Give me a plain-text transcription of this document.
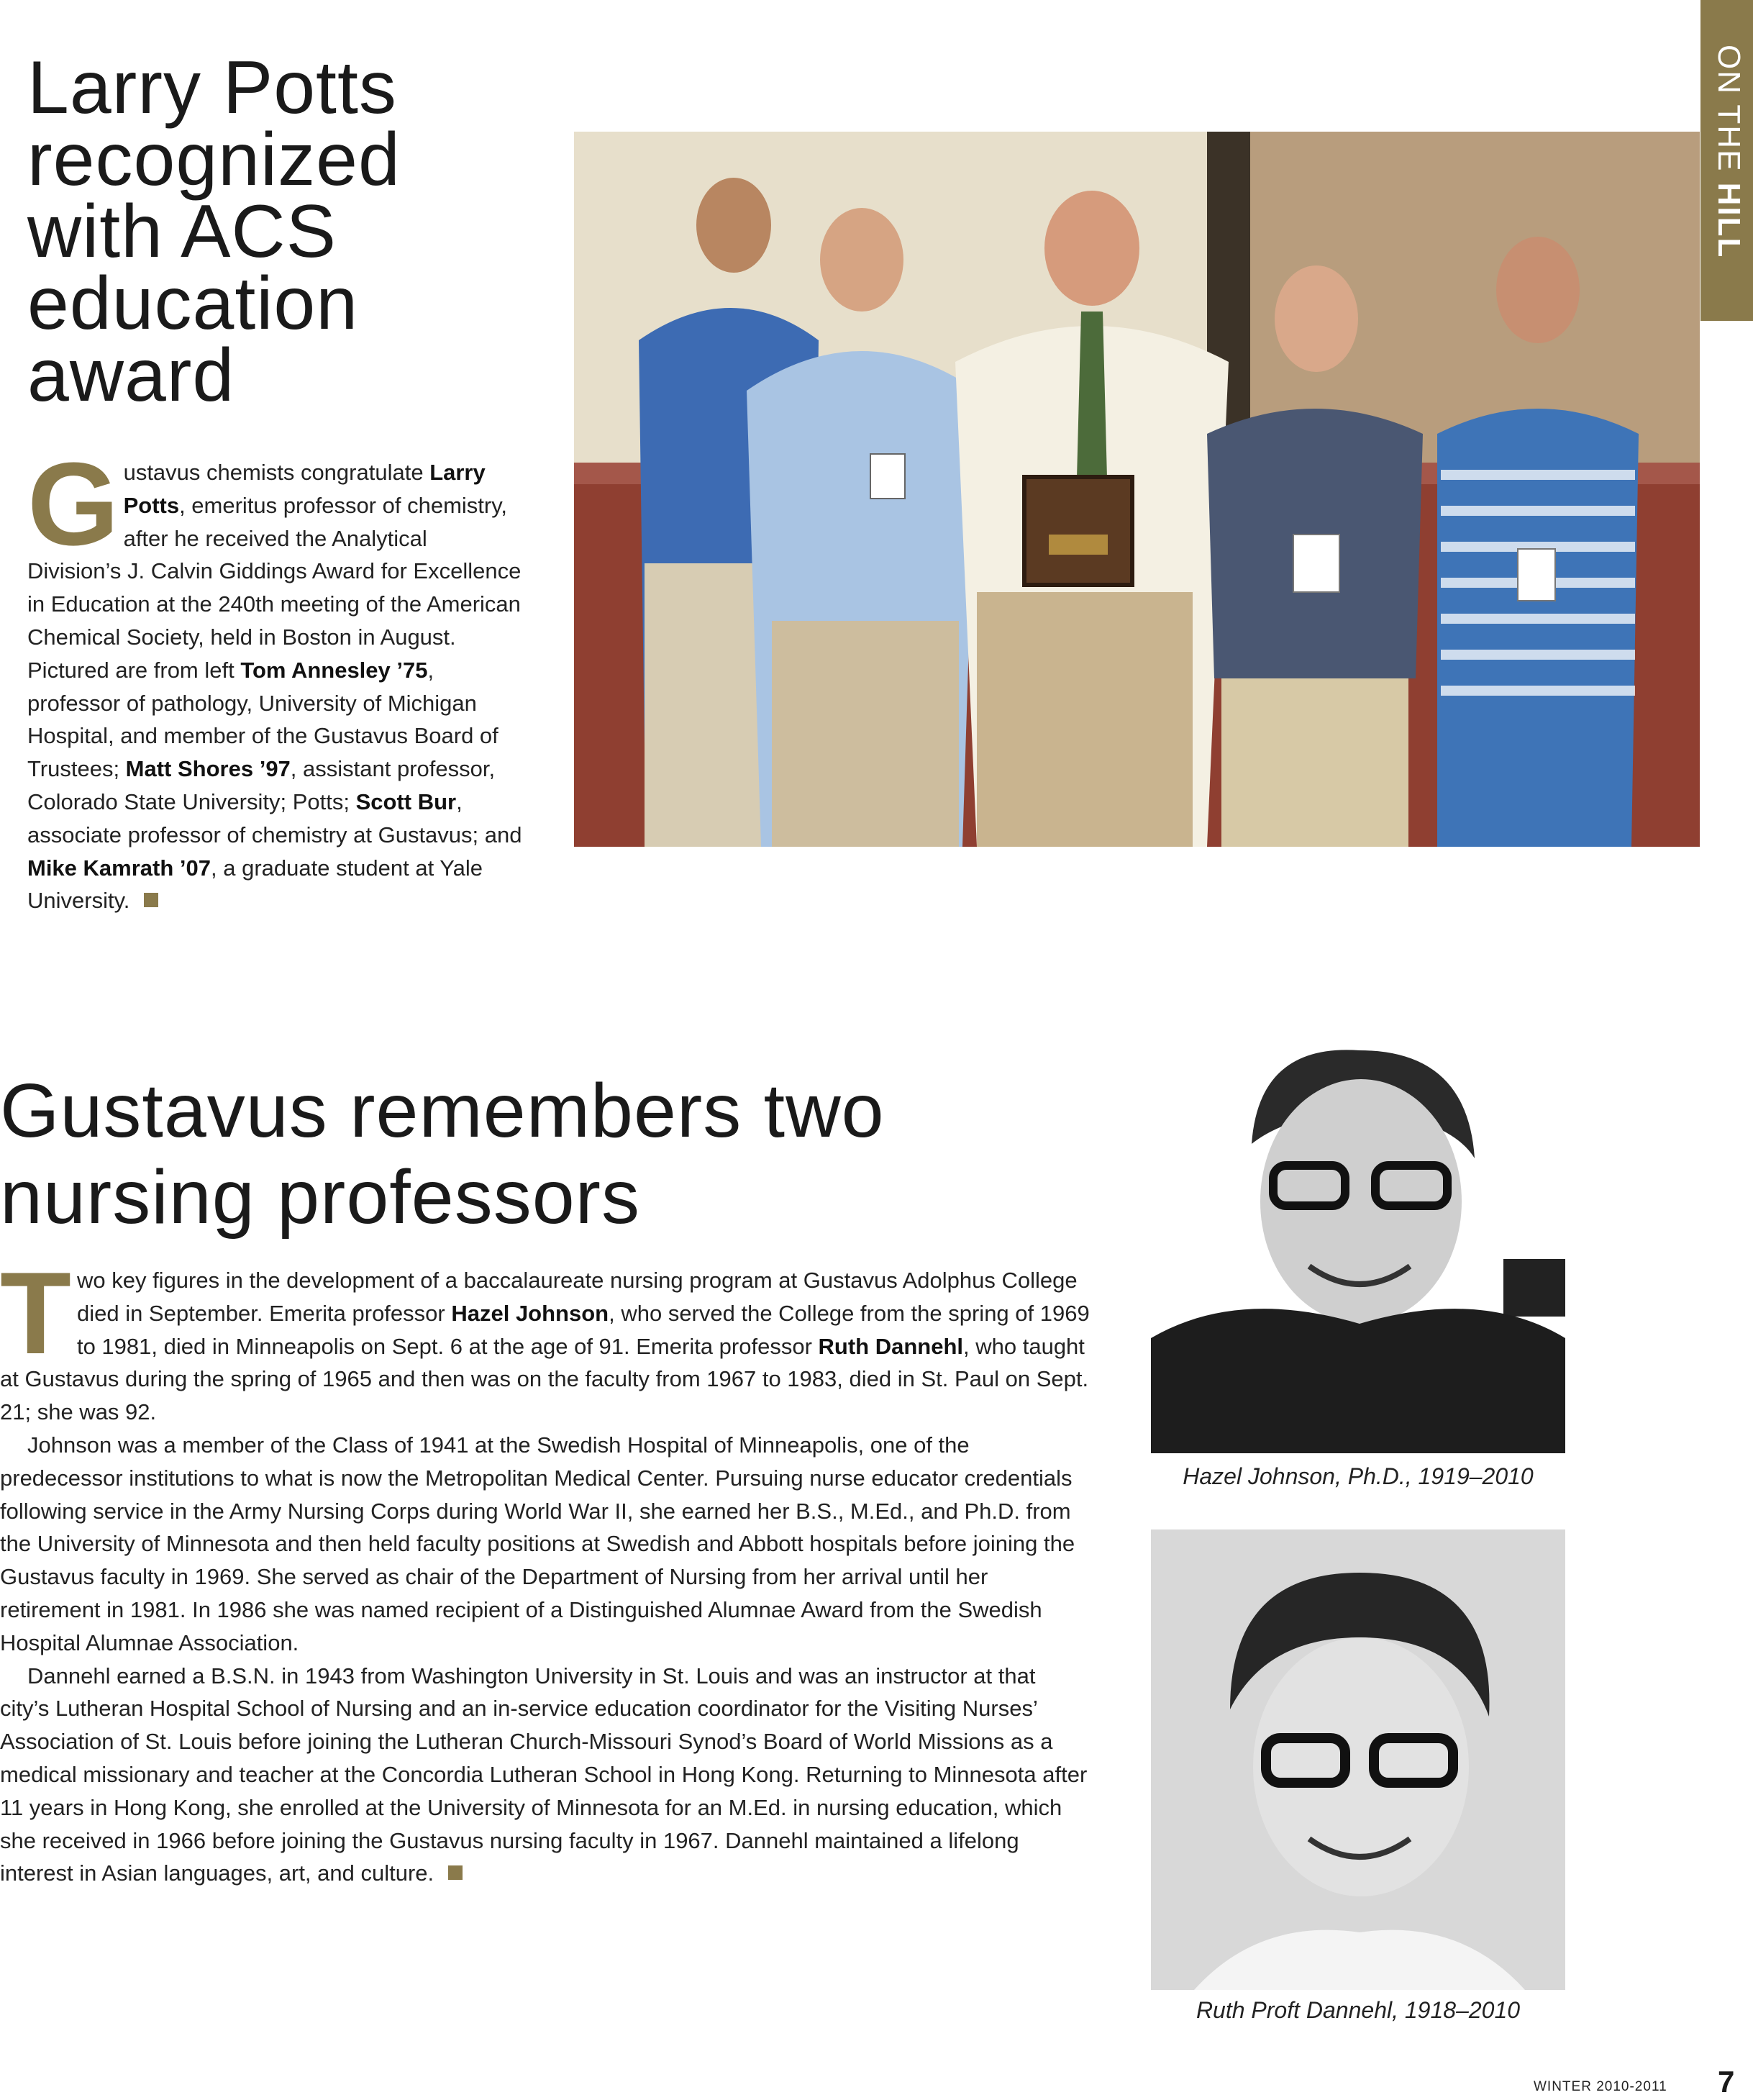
ON THE HILL
Larry Potts recognized with ACS education award
Gustavus chemists congratulate Larry Potts, emeritus professor of chemistry, after he received the Analytical Division’s J. Calvin Giddings Award for Excellence in Education at the 240th meeting of the American Chemical Society, held in Boston in August. Pictured are from left Tom Annesley ’75, professor of pathology, University of Michigan Hospital, and member of the Gustavus Board of Trustees; Matt Shores ’97, assistant professor, Colorado State University; Potts; Scott Bur, associate professor of chemistry at Gustavus; and Mike Kamrath ’07, a graduate student at Yale University.
Gustavus remembers two nursing professors
Two key figures in the development of a baccalaureate nursing program at Gustavus Adolphus College died in September. Emerita professor Hazel Johnson, who served the College from the spring of 1969 to 1981, died in Minneapolis on Sept. 6 at the age of 91. Emerita professor Ruth Dannehl, who taught at Gustavus during the spring of 1965 and then was on the faculty from 1967 to 1983, died in St. Paul on Sept. 21; she was 92.
Johnson was a member of the Class of 1941 at the Swedish Hospital of Minneapolis, one of the predecessor institutions to what is now the Metropolitan Medical Center. Pursuing nurse educator credentials following service in the Army Nursing Corps during World War II, she earned her B.S., M.Ed., and Ph.D. from the University of Minnesota and then held faculty positions at Swedish and Abbott hospitals before joining the Gustavus faculty in 1969. She served as chair of the Department of Nursing from her arrival until her retirement in 1981. In 1986 she was named recipient of a Distinguished Alumnae Award from the Swedish Hospital Alumnae Association.
Dannehl earned a B.S.N. in 1943 from Washington University in St. Louis and was an instructor at that city’s Lutheran Hospital School of Nursing and an in-service education coordinator for the Visiting Nurses’ Association of St. Louis before joining the Lutheran Church-Missouri Synod’s Board of World Missions as a medical missionary and teacher at the Concordia Lutheran School in Hong Kong. Returning to Minnesota after 11 years in Hong Kong, she enrolled at the University of Minnesota for an M.Ed. in nursing education, which she received in 1966 before joining the Gustavus nursing faculty in 1967. Dannehl maintained a lifelong interest in Asian languages, art, and culture.
Hazel Johnson, Ph.D., 1919–2010
Ruth Proft Dannehl, 1918–2010
WINTER 2010-2011 7
